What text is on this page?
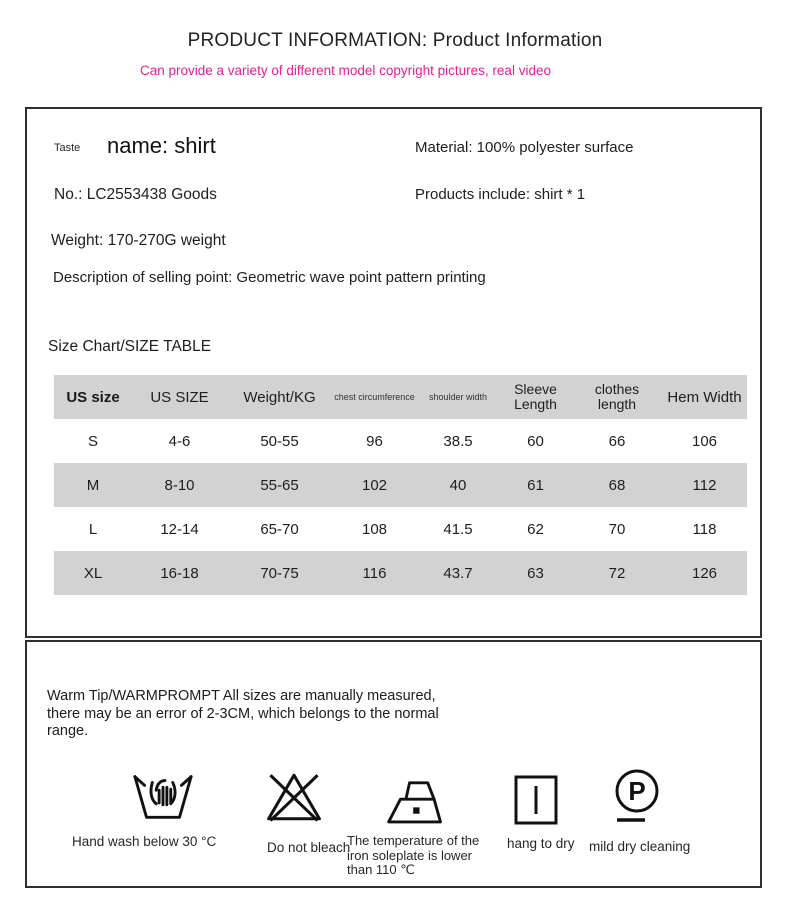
PRODUCT INFORMATION: Product Information
Can provide a variety of different model copyright pictures, real video
Taste name: shirt	Material: 100% polyester surface
No.: LC2553438 Goods	Products include: shirt * 1
Weight: 170-270G weight
Description of selling point: Geometric wave point pattern printing
Size Chart/SIZE TABLE
US size	US SIZE	Weight/KG	chest circumference	shoulder width	Sleeve Length	clothes length	Hem Width
S	4-6	50-55	96	38.5	60	66	106
M	8-10	55-65	102	40	61	68	112
L	12-14	65-70	108	41.5	62	70	118
XL	16-18	70-75	116	43.7	63	72	126
Warm Tip/WARMPROMPT All sizes are manually measured, there may be an error of 2-3CM, which belongs to the normal range.
P
Hand wash below 30 °C	Do not bleach
The temperature of the iron soleplate is lower than 110 ℃
hang to dry	mild dry cleaning
